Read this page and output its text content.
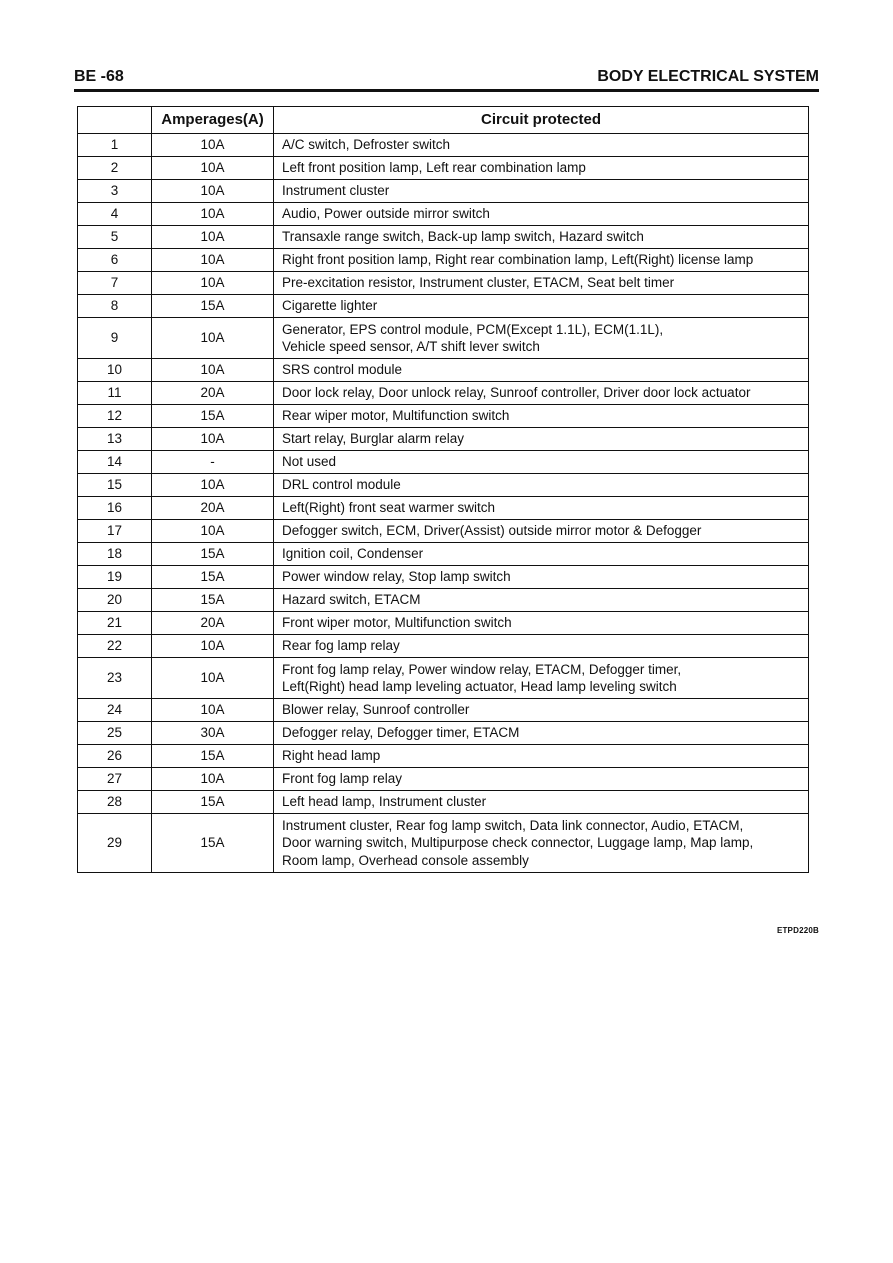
BE -68	BODY ELECTRICAL SYSTEM
	Amperages(A)	Circuit protected
1	10A	A/C switch, Defroster switch

2	10A	Left front position lamp, Left rear combination lamp

3	10A	Instrument cluster

4	10A	Audio, Power outside mirror switch

5	10A	Transaxle range switch, Back-up lamp switch, Hazard switch

6	10A	Right front position lamp, Right rear combination lamp, Left(Right) license lamp

7	10A	Pre-excitation resistor, Instrument cluster, ETACM, Seat belt timer

8	15A	Cigarette lighter

9	10A	Generator, EPS control module, PCM(Except 1.1L), ECM(1.1L),
Vehicle speed sensor, A/T shift lever switch

10	10A	SRS control module

11	20A	Door lock relay, Door unlock relay, Sunroof controller, Driver door lock actuator

12	15A	Rear wiper motor, Multifunction switch

13	10A	Start relay, Burglar alarm relay

14	-	Not used

15	10A	DRL control module

16	20A	Left(Right) front seat warmer switch

17	10A	Defogger switch, ECM, Driver(Assist) outside mirror motor & Defogger

18	15A	Ignition coil, Condenser

19	15A	Power window relay, Stop lamp switch

20	15A	Hazard switch, ETACM

21	20A	Front wiper motor, Multifunction switch

22	10A	Rear fog lamp relay

23	10A	Front fog lamp relay, Power window relay, ETACM, Defogger timer,
Left(Right) head lamp leveling actuator, Head lamp leveling switch

24	10A	Blower relay, Sunroof controller

25	30A	Defogger relay, Defogger timer, ETACM

26	15A	Right head lamp

27	10A	Front fog lamp relay

28	15A	Left head lamp, Instrument cluster

29	15A	Instrument cluster, Rear fog lamp switch, Data link connector, Audio, ETACM,
Door warning switch, Multipurpose check connector, Luggage lamp, Map lamp,
Room lamp, Overhead console assembly
ETPD220B
